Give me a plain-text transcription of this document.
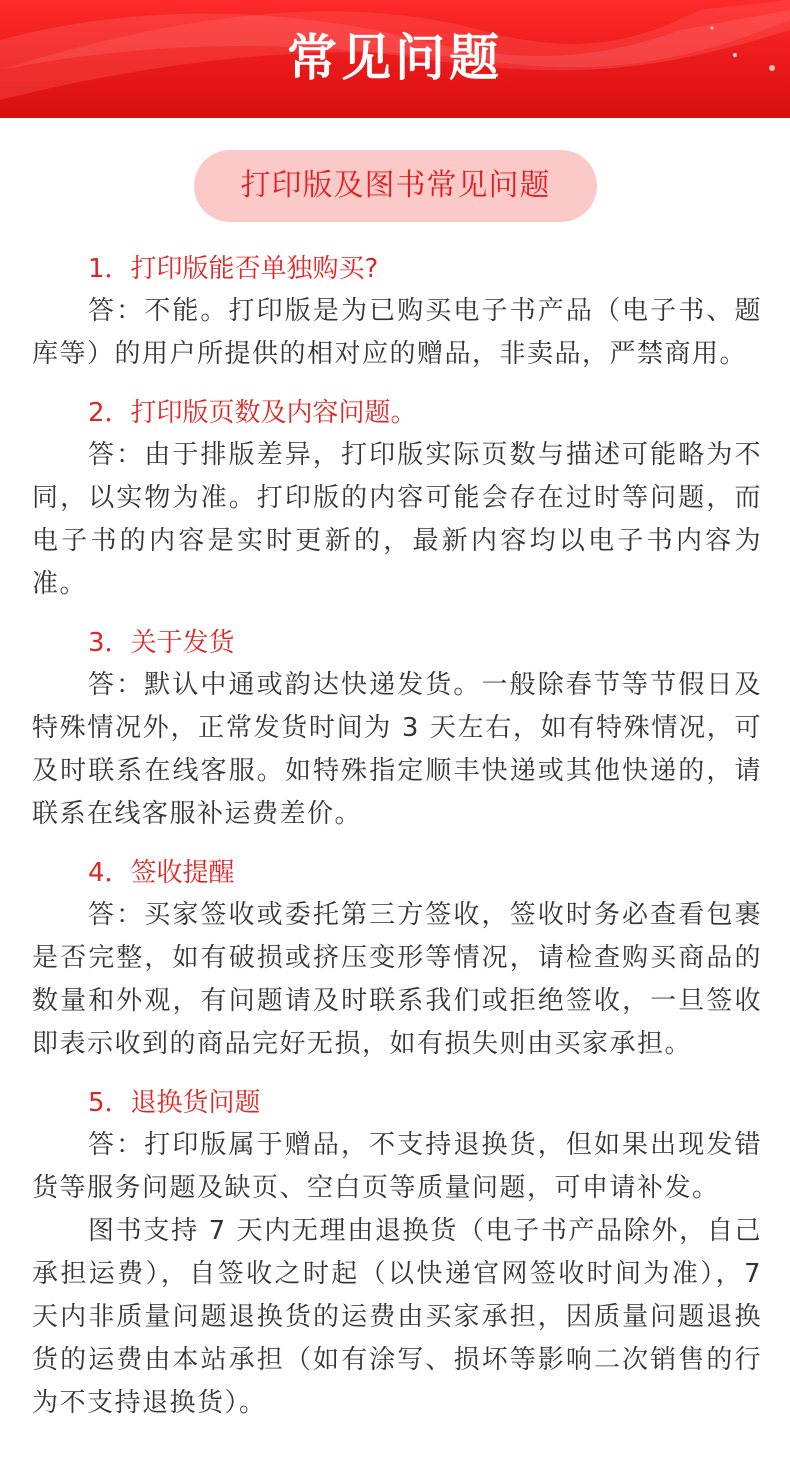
常见问题
打印版及图书常见问题
1．打印版能否单独购买?

答：不能。打印版是为已购买电子书产品（电子书、题库等）的用户所提供的相对应的赠品，非卖品，严禁商用。

2．打印版页数及内容问题。

答：由于排版差异，打印版实际页数与描述可能略为不同，以实物为准。打印版的内容可能会存在过时等问题，而电子书的内容是实时更新的，最新内容均以电子书内容为准。

3．关于发货

答：默认中通或韵达快递发货。一般除春节等节假日及特殊情况外，正常发货时间为 3 天左右，如有特殊情况，可及时联系在线客服。如特殊指定顺丰快递或其他快递的，请联系在线客服补运费差价。

4．签收提醒

答：买家签收或委托第三方签收，签收时务必查看包裹是否完整，如有破损或挤压变形等情况，请检查购买商品的数量和外观，有问题请及时联系我们或拒绝签收，一旦签收即表示收到的商品完好无损，如有损失则由买家承担。

5．退换货问题

答：打印版属于赠品，不支持退换货，但如果出现发错货等服务问题及缺页、空白页等质量问题，可申请补发。

图书支持 7 天内无理由退换货（电子书产品除外，自己承担运费），自签收之时起（以快递官网签收时间为准），7 天内非质量问题退换货的运费由买家承担，因质量问题退换货的运费由本站承担（如有涂写、损坏等影响二次销售的行为不支持退换货）。
